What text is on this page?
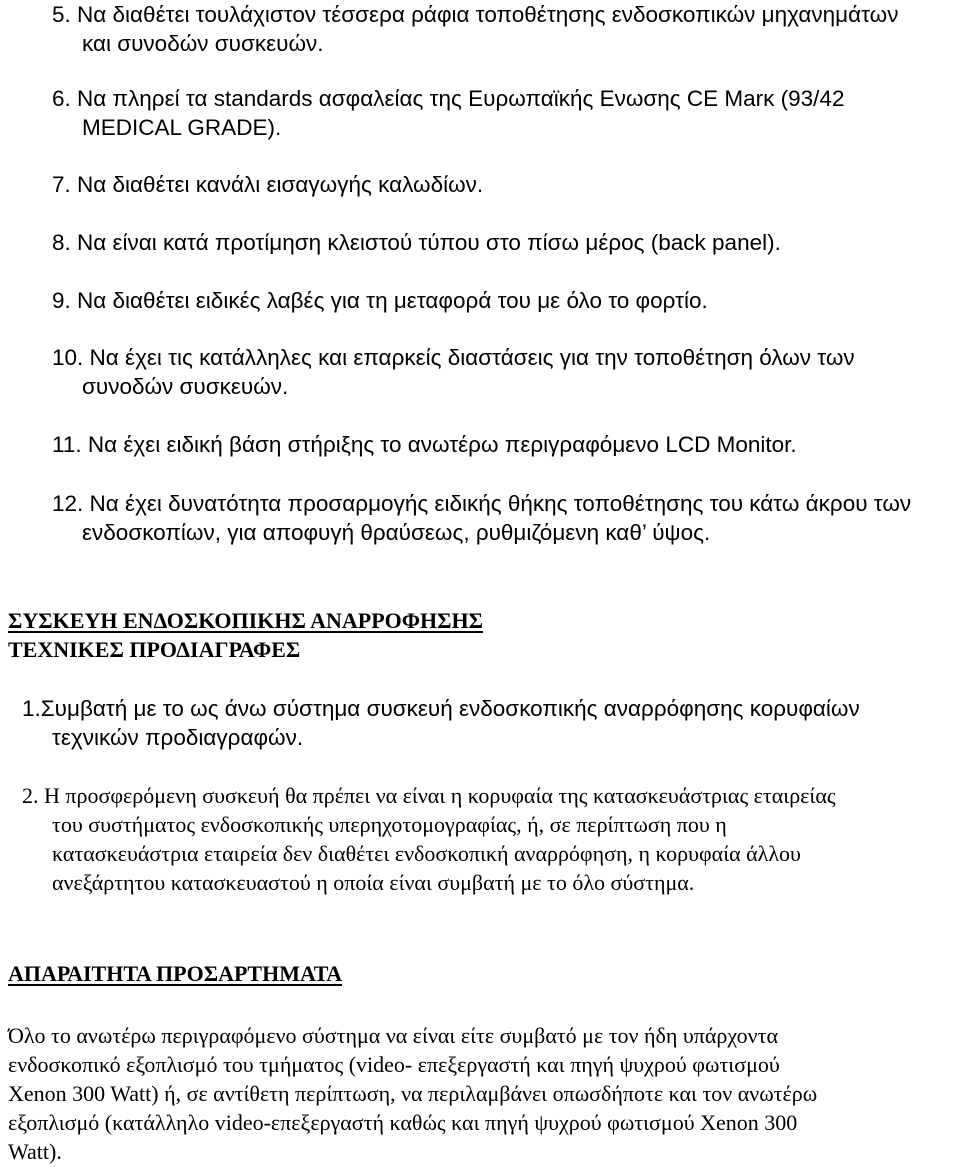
5. Να διαθέτει τουλάχιστον τέσσερα ράφια τοποθέτησης ενδοσκοπικών μηχανημάτων
και συνοδών συσκευών.
6. Να πληρεί τα standards ασφαλείας της Ευρωπαϊκής Ενωσης CE Marκ (93/42
MEDICAL GRADE).
7. Να διαθέτει κανάλι εισαγωγής καλωδίων.
8. Να είναι κατά προτίμηση κλειστού τύπου στο πίσω μέρος (back panel).
9. Να διαθέτει ειδικές λαβές για τη μεταφορά του με όλο το φορτίο.
10. Να έχει τις κατάλληλες και επαρκείς διαστάσεις για την τοποθέτηση όλων των
συνοδών συσκευών.
11. Να έχει ειδική βάση στήριξης το ανωτέρω περιγραφόμενο LCD Monitor.
12. Να έχει δυνατότητα προσαρμογής ειδικής θήκης τοποθέτησης του κάτω άκρου των
ενδοσκοπίων, για αποφυγή θραύσεως, ρυθμιζόμενη καθ’ ύψος.
ΣΥΣΚΕΥΗ ΕΝΔΟΣΚΟΠΙΚΗΣ ΑΝΑΡΡΟΦΗΣΗΣ
ΤΕΧΝΙΚΕΣ ΠΡΟΔΙΑΓΡΑΦΕΣ
1.Συμβατή με το ως άνω σύστημα συσκευή ενδοσκοπικής αναρρόφησης κορυφαίων
τεχνικών προδιαγραφών.
2. Η προσφερόμενη συσκευή θα πρέπει να είναι η κορυφαία της κατασκευάστριας εταιρείας
του συστήματος ενδοσκοπικής υπερηχοτομογραφίας, ή, σε περίπτωση που η
κατασκευάστρια εταιρεία δεν διαθέτει ενδοσκοπική αναρρόφηση, η κορυφαία άλλου
ανεξάρτητου κατασκευαστού η οποία είναι συμβατή με το όλο σύστημα.
ΑΠΑΡΑΙΤΗΤΑ ΠΡΟΣΑΡΤΗΜΑΤΑ
Όλο το ανωτέρω περιγραφόμενο σύστημα να είναι είτε συμβατό με τον ήδη υπάρχοντα
ενδοσκοπικό εξοπλισμό του τμήματος (video- επεξεργαστή και πηγή ψυχρού φωτισμού
Xenon 300 Watt) ή, σε αντίθετη περίπτωση, να περιλαμβάνει οπωσδήποτε και τον ανωτέρω
εξοπλισμό (κατάλληλο video-επεξεργαστή καθώς και πηγή ψυχρού φωτισμού Xenon 300
Watt).
